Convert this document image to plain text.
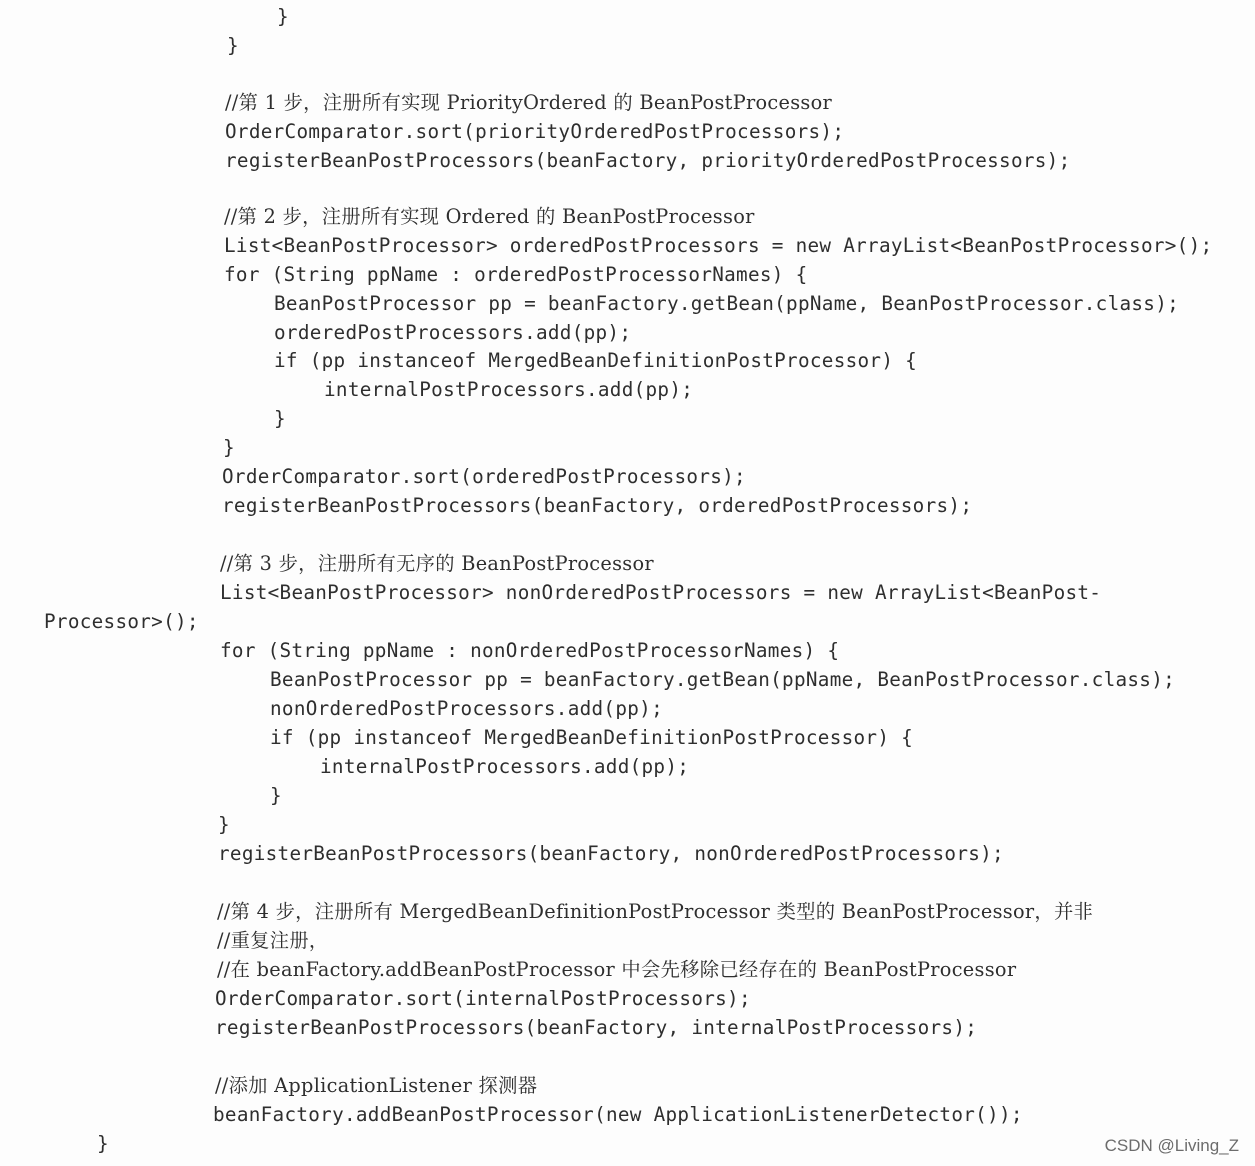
}
}
//第 1 步，注册所有实现 PriorityOrdered 的 BeanPostProcessor
OrderComparator.sort(priorityOrderedPostProcessors);
registerBeanPostProcessors(beanFactory, priorityOrderedPostProcessors);
//第 2 步，注册所有实现 Ordered 的 BeanPostProcessor
List<BeanPostProcessor> orderedPostProcessors = new ArrayList<BeanPostProcessor>();
for (String ppName : orderedPostProcessorNames) {
BeanPostProcessor pp = beanFactory.getBean(ppName, BeanPostProcessor.class);
orderedPostProcessors.add(pp);
if (pp instanceof MergedBeanDefinitionPostProcessor) {
internalPostProcessors.add(pp);
}
}
OrderComparator.sort(orderedPostProcessors);
registerBeanPostProcessors(beanFactory, orderedPostProcessors);
//第 3 步，注册所有无序的 BeanPostProcessor
List<BeanPostProcessor> nonOrderedPostProcessors = new ArrayList<BeanPost-
Processor>();
for (String ppName : nonOrderedPostProcessorNames) {
BeanPostProcessor pp = beanFactory.getBean(ppName, BeanPostProcessor.class);
nonOrderedPostProcessors.add(pp);
if (pp instanceof MergedBeanDefinitionPostProcessor) {
internalPostProcessors.add(pp);
}
}
registerBeanPostProcessors(beanFactory, nonOrderedPostProcessors);
//第 4 步，注册所有 MergedBeanDefinitionPostProcessor 类型的 BeanPostProcessor，并非
//重复注册，
//在 beanFactory.addBeanPostProcessor 中会先移除已经存在的 BeanPostProcessor
OrderComparator.sort(internalPostProcessors);
registerBeanPostProcessors(beanFactory, internalPostProcessors);
//添加 ApplicationListener 探测器
beanFactory.addBeanPostProcessor(new ApplicationListenerDetector());
}	CSDN @Living_Z
